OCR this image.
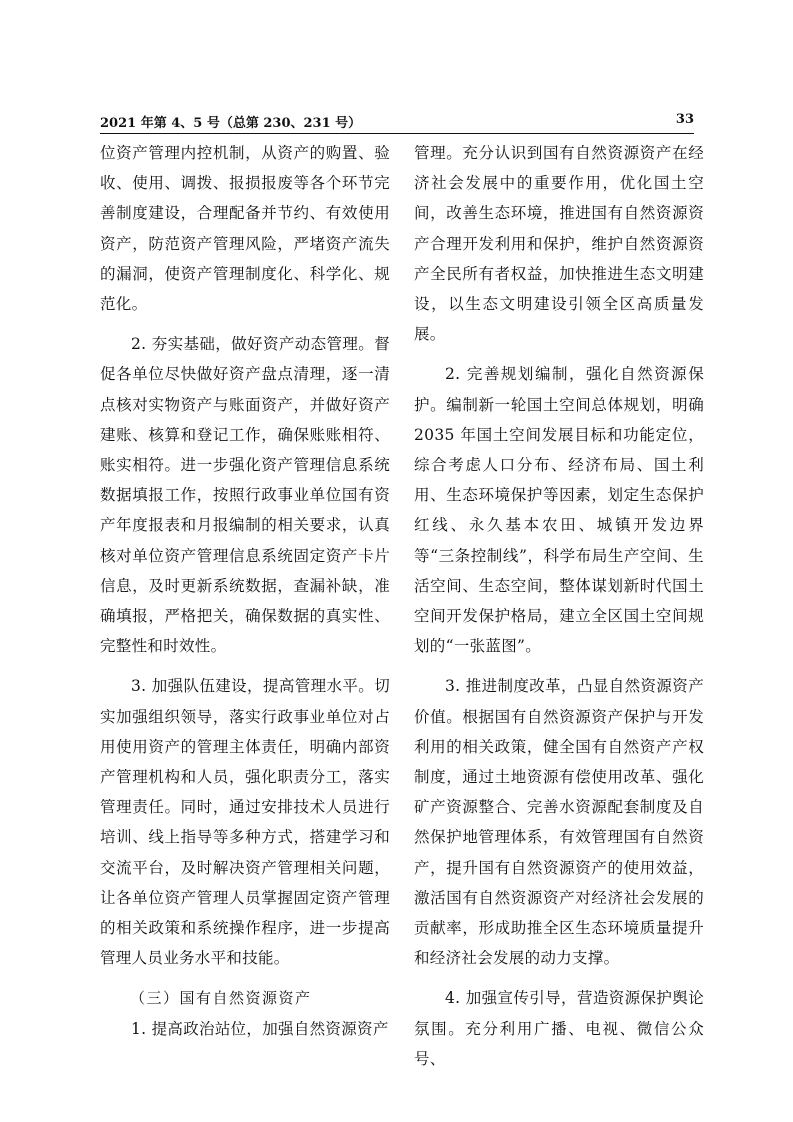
2021 年第 4、5 号（总第 230、231 号）	33

位资产管理内控机制，从资产的购置、验收、使用、调拨、报损报废等各个环节完善制度建设，合理配备并节约、有效使用资产，防范资产管理风险，严堵资产流失的漏洞，使资产管理制度化、科学化、规范化。

2. 夯实基础，做好资产动态管理。督促各单位尽快做好资产盘点清理，逐一清点核对实物资产与账面资产，并做好资产建账、核算和登记工作，确保账账相符、账实相符。进一步强化资产管理信息系统数据填报工作，按照行政事业单位国有资产年度报表和月报编制的相关要求，认真核对单位资产管理信息系统固定资产卡片信息，及时更新系统数据，查漏补缺，准确填报，严格把关，确保数据的真实性、完整性和时效性。

3. 加强队伍建设，提高管理水平。切实加强组织领导，落实行政事业单位对占用使用资产的管理主体责任，明确内部资产管理机构和人员，强化职责分工，落实管理责任。同时，通过安排技术人员进行培训、线上指导等多种方式，搭建学习和交流平台，及时解决资产管理相关问题，让各单位资产管理人员掌握固定资产管理的相关政策和系统操作程序，进一步提高管理人员业务水平和技能。

（三）国有自然资源资产

1. 提高政治站位，加强自然资源资产

管理。充分认识到国有自然资源资产在经济社会发展中的重要作用，优化国土空间，改善生态环境，推进国有自然资源资产合理开发利用和保护，维护自然资源资产全民所有者权益，加快推进生态文明建设，以生态文明建设引领全区高质量发展。

2. 完善规划编制，强化自然资源保护。编制新一轮国土空间总体规划，明确 2035 年国土空间发展目标和功能定位，综合考虑人口分布、经济布局、国土利用、生态环境保护等因素，划定生态保护红线、永久基本农田、城镇开发边界等“三条控制线”，科学布局生产空间、生活空间、生态空间，整体谋划新时代国土空间开发保护格局，建立全区国土空间规划的“一张蓝图”。

3. 推进制度改革，凸显自然资源资产价值。根据国有自然资源资产保护与开发利用的相关政策，健全国有自然资产产权制度，通过土地资源有偿使用改革、强化矿产资源整合、完善水资源配套制度及自然保护地管理体系，有效管理国有自然资产，提升国有自然资源资产的使用效益，激活国有自然资源资产对经济社会发展的贡献率，形成助推全区生态环境质量提升和经济社会发展的动力支撑。

4. 加强宣传引导，营造资源保护舆论氛围。充分利用广播、电视、微信公众号、
